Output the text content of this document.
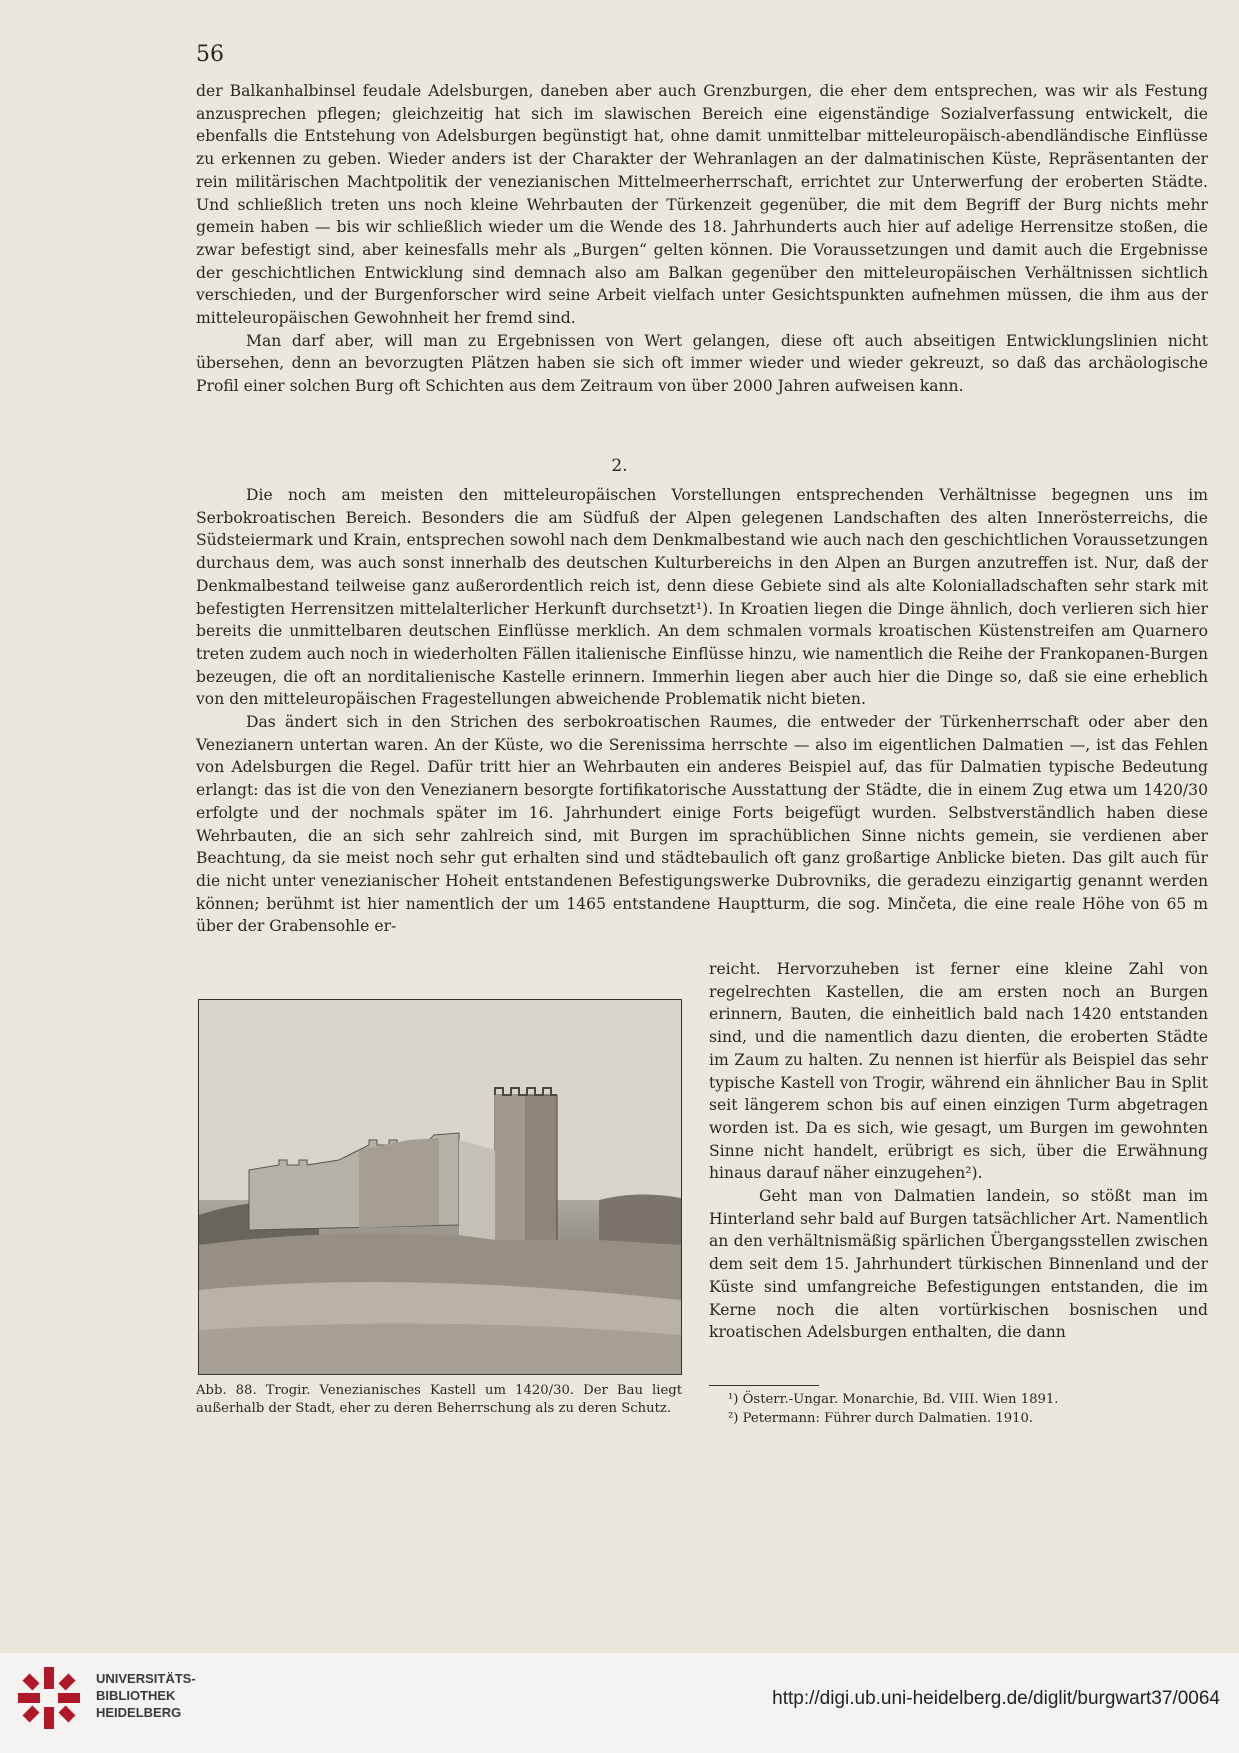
56

der Balkanhalbinsel feudale Adelsburgen, daneben aber auch Grenzburgen, die eher dem entsprechen, was wir als Festung anzusprechen pflegen; gleichzeitig hat sich im slawischen Bereich eine eigenständige Sozialverfassung entwickelt, die ebenfalls die Entstehung von Adelsburgen begünstigt hat, ohne damit unmittelbar mitteleuropäisch-abendländische Einflüsse zu erkennen zu geben. Wieder anders ist der Charakter der Wehranlagen an der dalmatinischen Küste, Repräsentanten der rein militärischen Machtpolitik der venezianischen Mittelmeerherrschaft, errichtet zur Unterwerfung der eroberten Städte. Und schließlich treten uns noch kleine Wehrbauten der Türkenzeit gegenüber, die mit dem Begriff der Burg nichts mehr gemein haben — bis wir schließlich wieder um die Wende des 18. Jahrhunderts auch hier auf adelige Herrensitze stoßen, die zwar befestigt sind, aber keinesfalls mehr als „Burgen“ gelten können. Die Voraussetzungen und damit auch die Ergebnisse der geschichtlichen Entwicklung sind demnach also am Balkan gegenüber den mitteleuropäischen Verhältnissen sichtlich verschieden, und der Burgenforscher wird seine Arbeit vielfach unter Gesichtspunkten aufnehmen müssen, die ihm aus der mitteleuropäischen Gewohnheit her fremd sind.

Man darf aber, will man zu Ergebnissen von Wert gelangen, diese oft auch abseitigen Entwicklungslinien nicht übersehen, denn an bevorzugten Plätzen haben sie sich oft immer wieder und wieder gekreuzt, so daß das archäologische Profil einer solchen Burg oft Schichten aus dem Zeitraum von über 2000 Jahren aufweisen kann.

2.

Die noch am meisten den mitteleuropäischen Vorstellungen entsprechenden Verhältnisse begegnen uns im Serbokroatischen Bereich. Besonders die am Südfuß der Alpen gelegenen Landschaften des alten Innerösterreichs, die Südsteiermark und Krain, entsprechen sowohl nach dem Denkmalbestand wie auch nach den geschichtlichen Voraussetzungen durchaus dem, was auch sonst innerhalb des deutschen Kulturbereichs in den Alpen an Burgen anzutreffen ist. Nur, daß der Denkmalbestand teilweise ganz außerordentlich reich ist, denn diese Gebiete sind als alte Kolonialladschaften sehr stark mit befestigten Herrensitzen mittelalterlicher Herkunft durchsetzt¹). In Kroatien liegen die Dinge ähnlich, doch verlieren sich hier bereits die unmittelbaren deutschen Einflüsse merklich. An dem schmalen vormals kroatischen Küstenstreifen am Quarnero treten zudem auch noch in wiederholten Fällen italienische Einflüsse hinzu, wie namentlich die Reihe der Frankopanen-Burgen bezeugen, die oft an norditalienische Kastelle erinnern. Immerhin liegen aber auch hier die Dinge so, daß sie eine erheblich von den mitteleuropäischen Fragestellungen abweichende Problematik nicht bieten.

Das ändert sich in den Strichen des serbokroatischen Raumes, die entweder der Türkenherrschaft oder aber den Venezianern untertan waren. An der Küste, wo die Serenissima herrschte — also im eigentlichen Dalmatien —, ist das Fehlen von Adelsburgen die Regel. Dafür tritt hier an Wehrbauten ein anderes Beispiel auf, das für Dalmatien typische Bedeutung erlangt: das ist die von den Venezianern besorgte fortifikatorische Ausstattung der Städte, die in einem Zug etwa um 1420/30 erfolgte und der nochmals später im 16. Jahrhundert einige Forts beigefügt wurden. Selbstverständlich haben diese Wehrbauten, die an sich sehr zahlreich sind, mit Burgen im sprachüblichen Sinne nichts gemein, sie verdienen aber Beachtung, da sie meist noch sehr gut erhalten sind und städtebaulich oft ganz großartige Anblicke bieten. Das gilt auch für die nicht unter venezianischer Hoheit entstandenen Befestigungswerke Dubrovniks, die geradezu einzigartig genannt werden können; berühmt ist hier namentlich der um 1465 entstandene Hauptturm, die sog. Minčeta, die eine reale Höhe von 65 m über der Grabensohle er-

reicht. Hervorzuheben ist ferner eine kleine Zahl von regelrechten Kastellen, die am ersten noch an Burgen erinnern, Bauten, die einheitlich bald nach 1420 entstanden sind, und die namentlich dazu dienten, die eroberten Städte im Zaum zu halten. Zu nennen ist hierfür als Beispiel das sehr typische Kastell von Trogir, während ein ähnlicher Bau in Split seit längerem schon bis auf einen einzigen Turm abgetragen worden ist. Da es sich, wie gesagt, um Burgen im gewohnten Sinne nicht handelt, erübrigt es sich, über die Erwähnung hinaus darauf näher einzugehen²).

Geht man von Dalmatien landein, so stößt man im Hinterland sehr bald auf Burgen tatsächlicher Art. Namentlich an den verhältnismäßig spärlichen Übergangsstellen zwischen dem seit dem 15. Jahrhundert türkischen Binnenland und der Küste sind umfangreiche Befestigungen entstanden, die im Kerne noch die alten vortürkischen bosnischen und kroatischen Adelsburgen enthalten, die dann

Abb. 88. Trogir. Venezianisches Kastell um 1420/30. Der Bau liegt außerhalb der Stadt, eher zu deren Beherrschung als zu deren Schutz.
¹) Österr.-Ungar. Monarchie, Bd. VIII. Wien 1891.
²) Petermann: Führer durch Dalmatien. 1910.
UNIVERSITÄTS-
BIBLIOTHEK
HEIDELBERG
http://digi.ub.uni-heidelberg.de/diglit/burgwart37/0064
